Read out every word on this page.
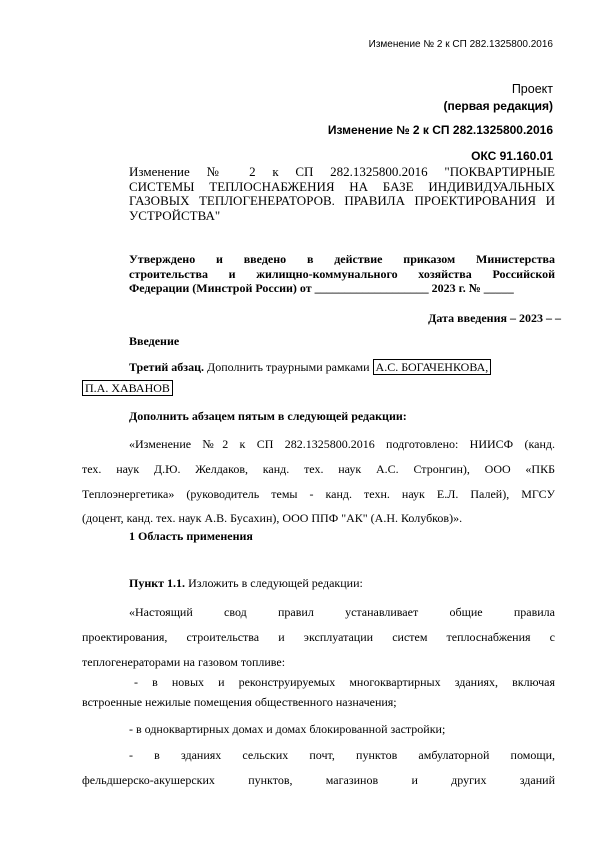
Изменение № 2 к СП 282.1325800.2016

Проект

(первая редакция)

Изменение № 2 к СП 282.1325800.2016

ОКС 91.160.01

Изменение № 2 к СП 282.1325800.2016 "ПОКВАРТИРНЫЕ
СИСТЕМЫ ТЕПЛОСНАБЖЕНИЯ НА БАЗЕ ИНДИВИДУАЛЬНЫХ
ГАЗОВЫХ ТЕПЛОГЕНЕРАТОРОВ. ПРАВИЛА ПРОЕКТИРОВАНИЯ И
УСТРОЙСТВА"
Утверждено и введено в действие приказом Министерства
строительства и жилищно-коммунального хозяйства Российской
Федерации (Минстрой России) от ___________________ 2023 г. № _____

Дата введения – 2023 – –

Введение

Третий абзац. Дополнить траурными рамками А.С. БОГАЧЕНКОВА,
П.А. ХАВАНОВ

Дополнить абзацем пятым в следующей редакции:

«Изменение №2 к СП 282.1325800.2016 подготовлено: НИИСФ (канд.
тех. наук Д.Ю. Желдаков, канд. тех. наук А.С. Стронгин), ООО «ПКБ
Теплоэнергетика» (руководитель темы - канд. техн. наук Е.Л. Палей), МГСУ
(доцент, канд. тех. наук А.В. Бусахин), ООО ППФ "АК" (А.Н. Колубков)».

1 Область применения

Пункт 1.1. Изложить в следующей редакции:
«Настоящий свод правил устанавливает общие правила
проектирования, строительства и эксплуатации систем теплоснабжения с
теплогенераторами на газовом топливе:
- в новых и реконструируемых многоквартирных зданиях, включая
встроенные нежилые помещения общественного назначения;
- в одноквартирных домах и домах блокированной застройки;
- в зданиях сельских почт, пунктов амбулаторной помощи,
фельдшерско-акушерских пунктов, магазинов и других зданий
